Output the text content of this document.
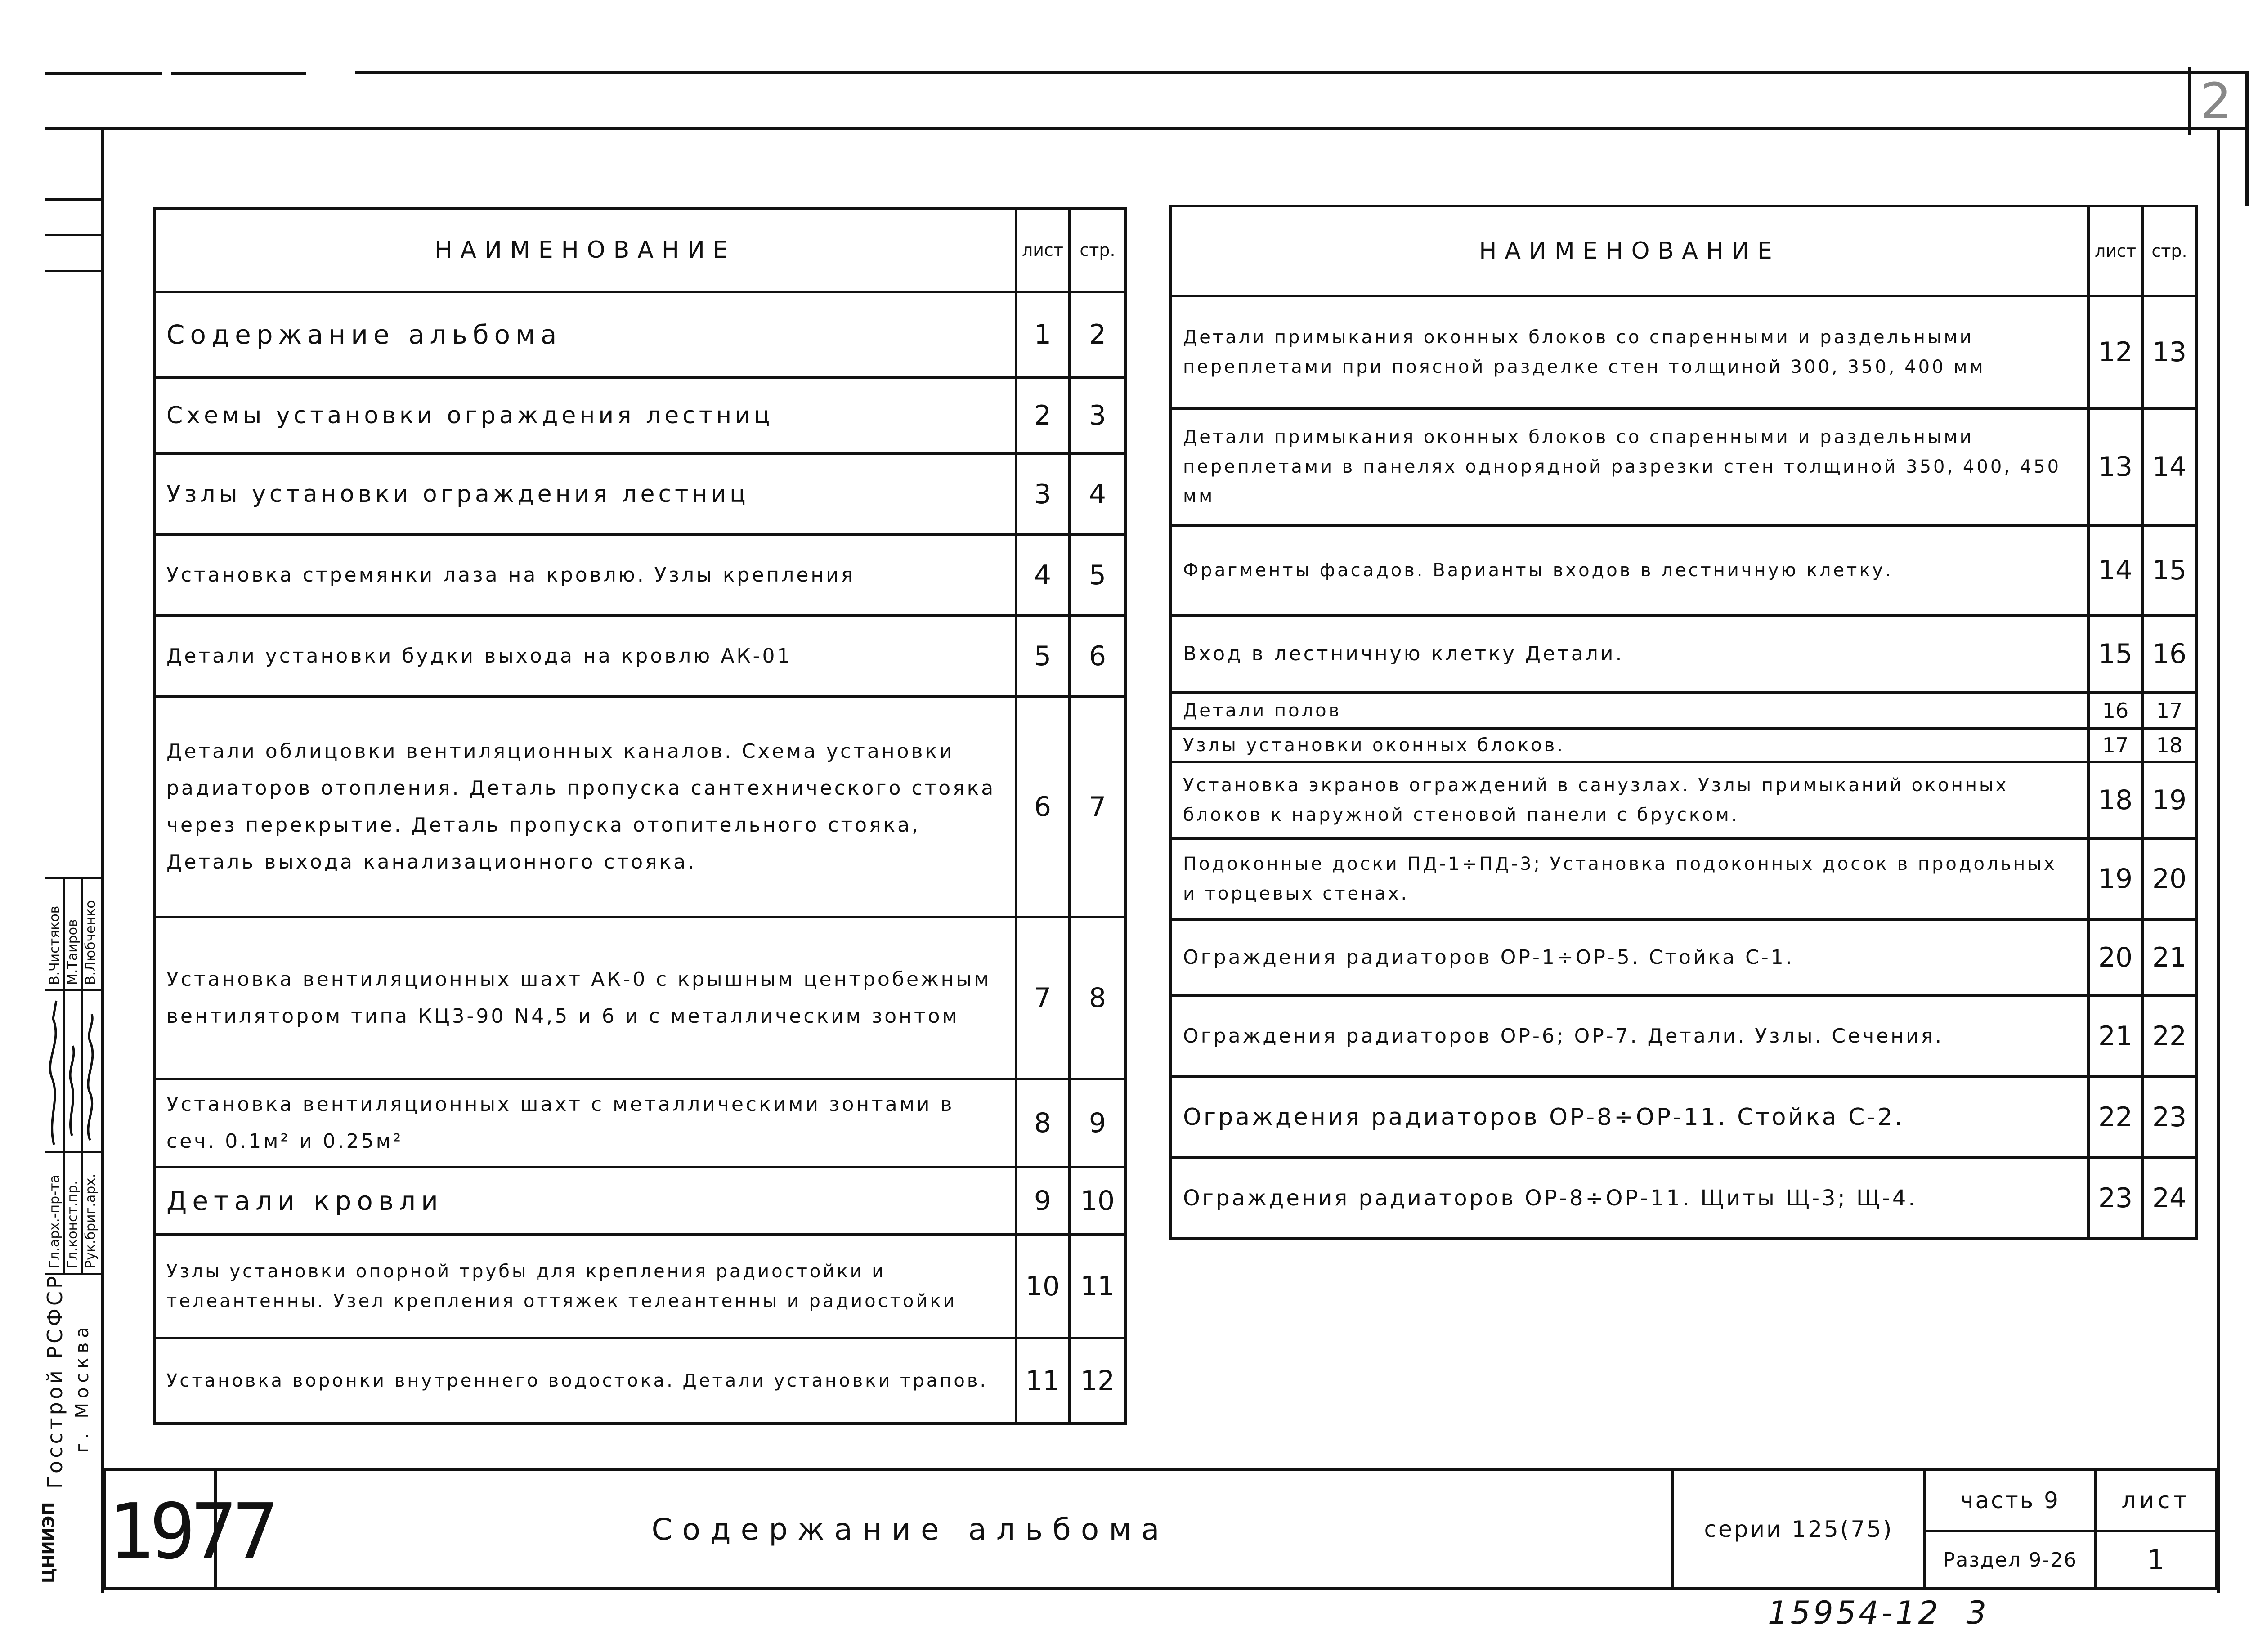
2
НАИМЕНОВАНИЕ	лист	стр.
Содержание альбома	1	2
Схемы установки ограждения лестниц	2	3
Узлы установки ограждения лестниц	3	4
Установка стремянки лаза на кровлю. Узлы крепления	4	5
Детали установки будки выхода на кровлю АК-01	5	6
Детали облицовки вентиляционных каналов. Схема установки радиаторов отопления. Деталь пропуска сантехнического стояка через перекрытие. Деталь пропуска отопительного стояка, Деталь выхода канализационного стояка.	6	7
Установка вентиляционных шахт АК-0 с крышным центробежным вентилятором типа КЦ3-90 N4,5 и 6 и с металлическим зонтом	7	8
Установка вентиляционных шахт с металлическими зонтами в сеч. 0.1м² и 0.25м²	8	9
Детали кровли	9	10
Узлы установки опорной трубы для крепления радиостойки и телеантенны. Узел крепления оттяжек телеантенны и радиостойки	10	11
Установка воронки внутреннего водостока. Детали установки трапов.	11	12
НАИМЕНОВАНИЕ	лист	стр.
Детали примыкания оконных блоков со спаренными и раздельными переплетами при поясной разделке стен толщиной 300, 350, 400 мм	12	13
Детали примыкания оконных блоков со спаренными и раздельными переплетами в панелях однорядной разрезки стен толщиной 350, 400, 450 мм	13	14
Фрагменты фасадов. Варианты входов в лестничную клетку.	14	15
Вход в лестничную клетку Детали.	15	16
Детали полов	16	17
Узлы установки оконных блоков.	17	18
Установка экранов ограждений в санузлах. Узлы примыканий оконных блоков к наружной стеновой панели с бруском.	18	19
Подоконные доски ПД-1÷ПД-3; Установка подоконных досок в продольных и торцевых стенах.	19	20
Ограждения радиаторов ОР-1÷ОР-5. Стойка С-1.	20	21
Ограждения радиаторов ОР-6; ОР-7. Детали. Узлы. Сечения.	21	22
Ограждения радиаторов ОР-8÷ОР-11. Стойка С-2.	22	23
Ограждения радиаторов ОР-8÷ОР-11. Щиты Щ-3; Щ-4.	23	24
Гл.арх.-пр-та Гл.конст.пр. Рук.бриг.арх.
В.Чистяков М.Таиров В.Любченко
Госстрой РСФСР г. Москва
ЦНИИЭП 1977	Содержание альбома	серии 125(75)
часть 9
Раздел 9-26
лист
1
15954-12  3
